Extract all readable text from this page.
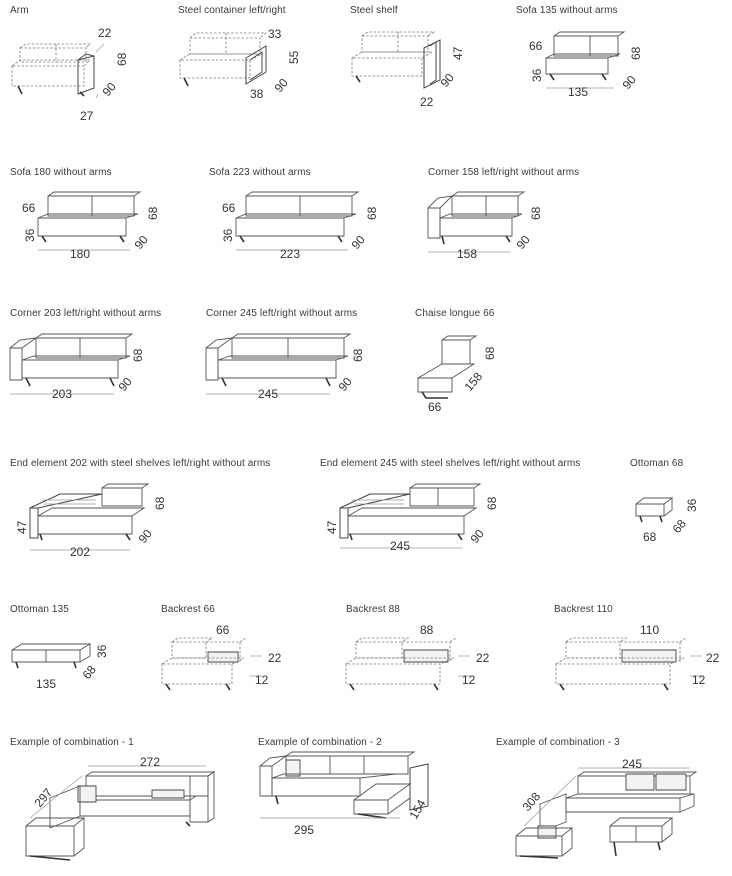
Arm	Steel container left/right	Steel shelf	Sofa 135 without arms
Sofa 180 without arms	Sofa 223 without arms	Corner 158 left/right without arms
Corner 203 left/right without arms	Corner 245 left/right without arms	Chaise longue 66
End element 202 with steel shelves left/right without arms	End element 245 with steel shelves left/right without arms	Ottoman 68
Ottoman 135	Backrest 66	Backrest 88	Backrest 110
Example of combination - 1	Example of combination - 2	Example of combination - 3
22
68
90
27
33
55
90
38
47
90
22
66
36
68
90
135
66
36
68
90
180
66
36
68
90
223
68
90
158
68
90
203
68
90
245
68
158
66
47
68
90
202
47
68
90
245
36
68
68
36
68
135
66
22
12
88
22
12
110
22
12
272
297	154
295
245
308
